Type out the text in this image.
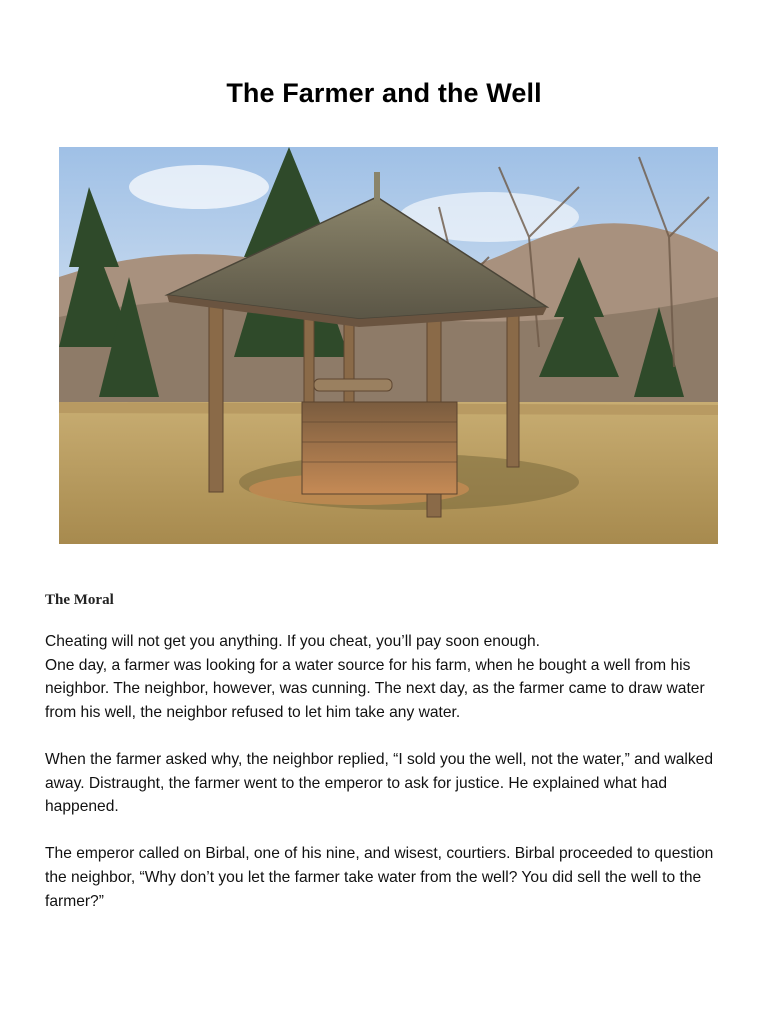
The Farmer and the Well
The Moral

Cheating will not get you anything. If you cheat, you’ll pay soon enough.

One day, a farmer was looking for a water source for his farm, when he bought a well from his neighbor. The neighbor, however, was cunning. The next day, as the farmer came to draw water from his well, the neighbor refused to let him take any water.

When the farmer asked why, the neighbor replied, “I sold you the well, not the water,” and walked away. Distraught, the farmer went to the emperor to ask for justice. He explained what had happened.

The emperor called on Birbal, one of his nine, and wisest, courtiers. Birbal proceeded to question the neighbor, “Why don’t you let the farmer take water from the well? You did sell the well to the farmer?”
